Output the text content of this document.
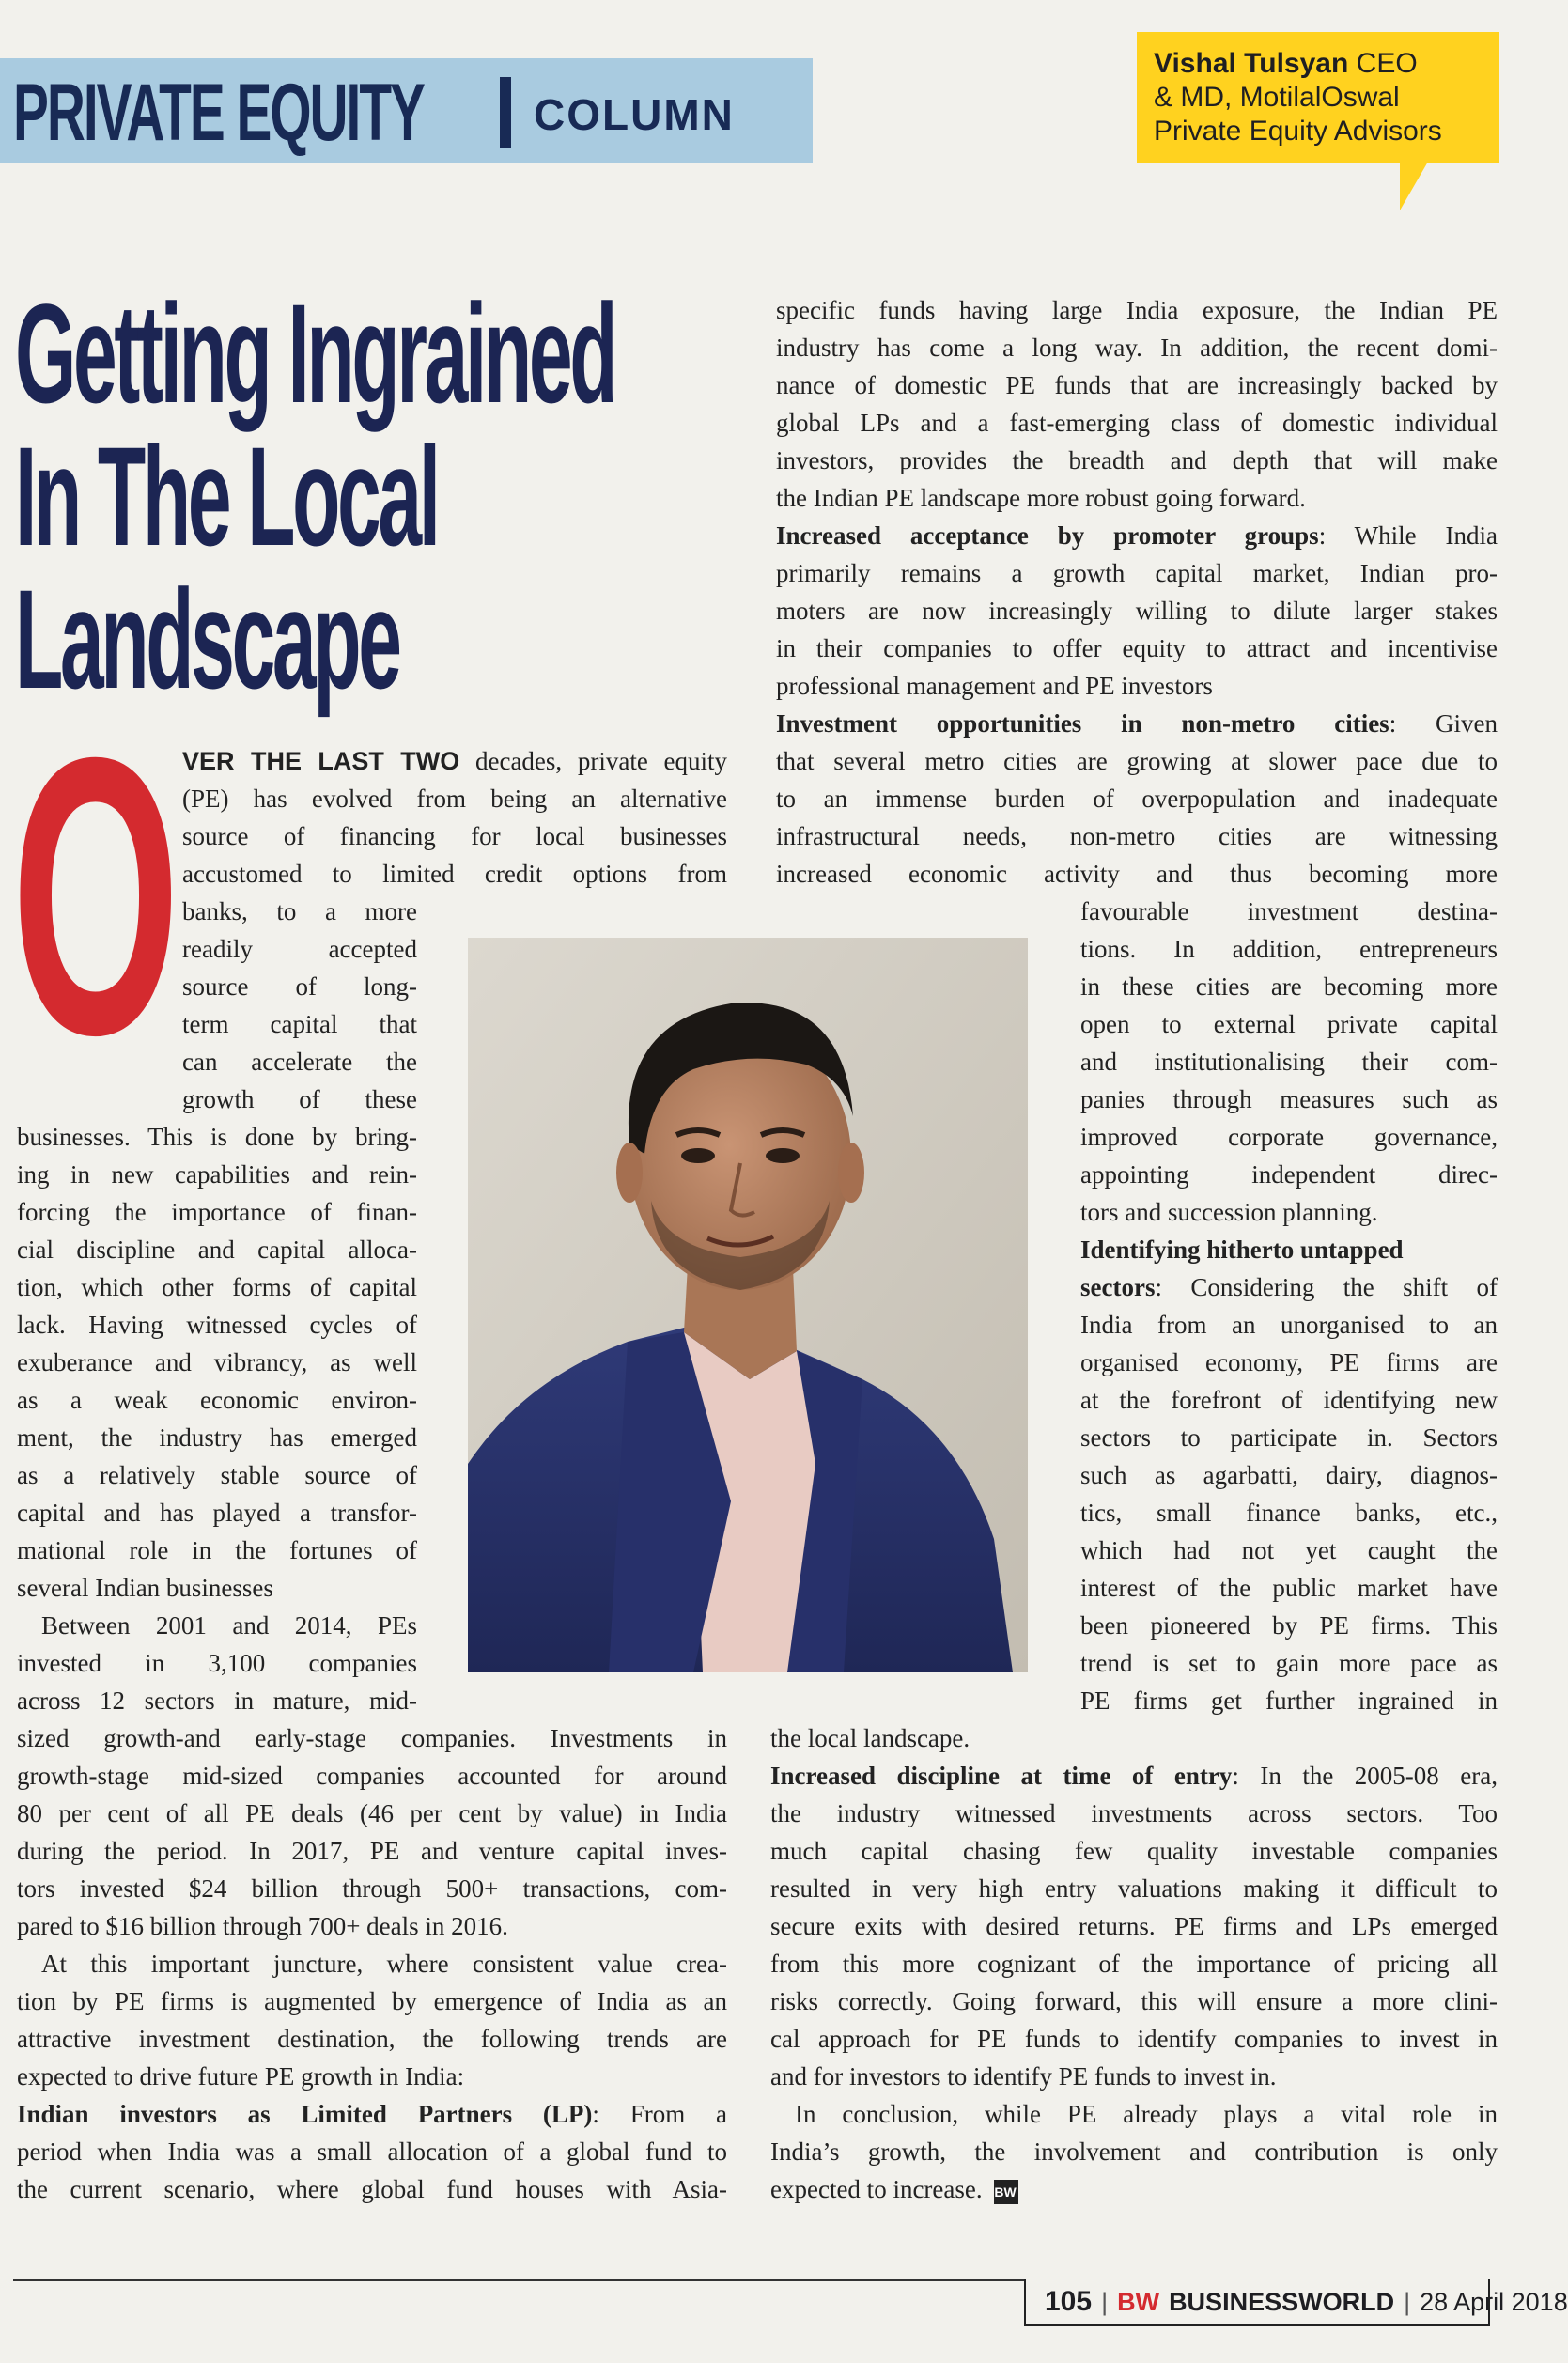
PRIVATE EQUITY	COLUMN
Vishal Tulsyan CEO
& MD, MotilalOswal
Private Equity Advisors
Getting Ingrained
In The Local
Landscape
O VER THE LAST TWO decades, private equity
(PE) has evolved from being an alternative
source of financing for local businesses
accustomed to limited credit options from
banks, to a more
readily accepted
source of long-
term capital that
can accelerate the
growth of these
businesses. This is done by bring-
ing in new capabilities and rein-
forcing the importance of finan-
cial discipline and capital alloca-
tion, which other forms of capital
lack. Having witnessed cycles of
exuberance and vibrancy, as well
as a weak economic environ-
ment, the industry has emerged
as a relatively stable source of
capital and has played a transfor-
mational role in the fortunes of
several Indian businesses
Between 2001 and 2014, PEs
invested in 3,100 companies
across 12 sectors in mature, mid-
sized growth-and early-stage companies. Investments in
growth-stage mid-sized companies accounted for around
80 per cent of all PE deals (46 per cent by value) in India
during the period. In 2017, PE and venture capital inves-
tors invested $24 billion through 500+ transactions, com-
pared to $16 billion through 700+ deals in 2016.
At this important juncture, where consistent value crea-
tion by PE firms is augmented by emergence of India as an
attractive investment destination, the following trends are
expected to drive future PE growth in India:
Indian investors as Limited Partners (LP): From a
period when India was a small allocation of a global fund to
the current scenario, where global fund houses with Asia-
specific funds having large India exposure, the Indian PE
industry has come a long way. In addition, the recent domi-
nance of domestic PE funds that are increasingly backed by
global LPs and a fast-emerging class of domestic individual
investors, provides the breadth and depth that will make
the Indian PE landscape more robust going forward.
Increased acceptance by promoter groups: While India
primarily remains a growth capital market, Indian pro-
moters are now increasingly willing to dilute larger stakes
in their companies to offer equity to attract and incentivise
professional management and PE investors
Investment opportunities in non-metro cities: Given
that several metro cities are growing at slower pace due to
to an immense burden of overpopulation and inadequate
infrastructural needs, non-metro cities are witnessing
increased economic activity and thus becoming more
favourable investment destina-
tions. In addition, entrepreneurs
in these cities are becoming more
open to external private capital
and institutionalising their com-
panies through measures such as
improved corporate governance,
appointing independent direc-
tors and succession planning.
Identifying hitherto untapped
sectors: Considering the shift of
India from an unorganised to an
organised economy, PE firms are
at the forefront of identifying new
sectors to participate in. Sectors
such as agarbatti, dairy, diagnos-
tics, small finance banks, etc.,
which had not yet caught the
interest of the public market have
been pioneered by PE firms. This
trend is set to gain more pace as
PE firms get further ingrained in
the local landscape.
Increased discipline at time of entry: In the 2005-08 era,
the industry witnessed investments across sectors. Too
much capital chasing few quality investable companies
resulted in very high entry valuations making it difficult to
secure exits with desired returns. PE firms and LPs emerged
from this more cognizant of the importance of pricing all
risks correctly. Going forward, this will ensure a more clini-
cal approach for PE funds to identify companies to invest in
and for investors to identify PE funds to invest in.
In conclusion, while PE already plays a vital role in
India’s growth, the involvement and contribution is only
expected to increase. BW
105 | BW BUSINESSWORLD | 28 April 2018
